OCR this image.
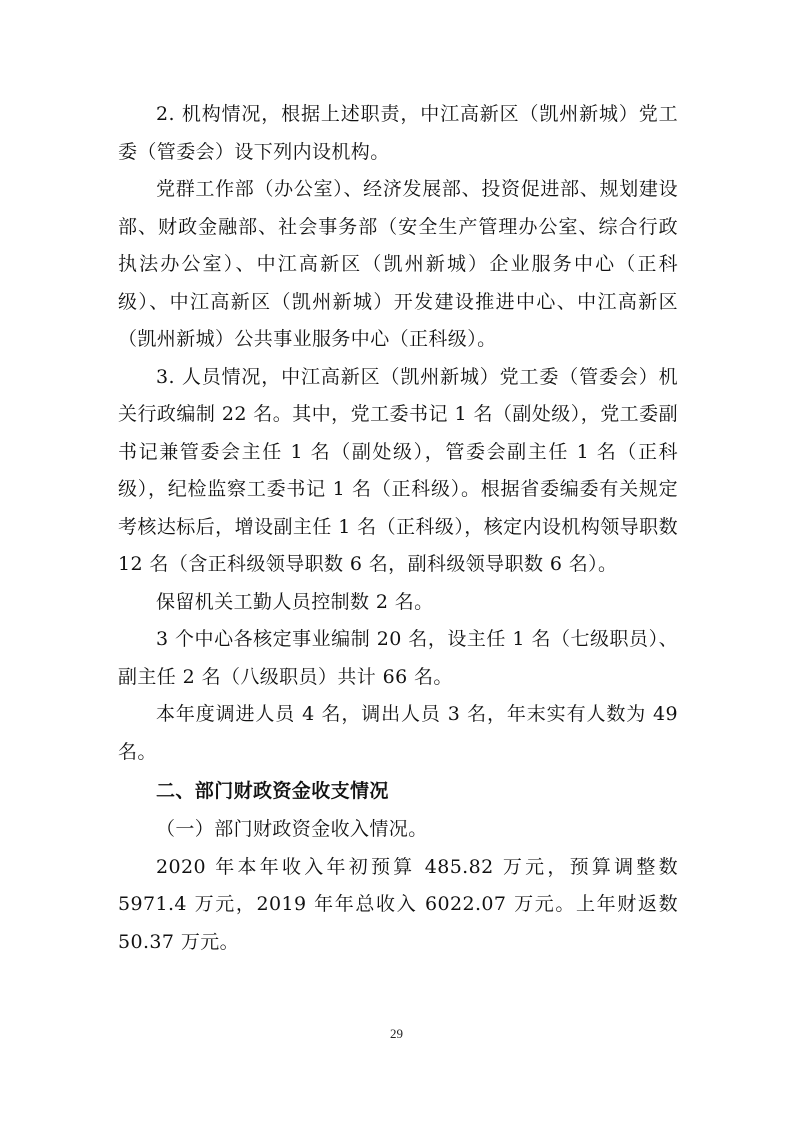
2. 机构情况，根据上述职责，中江高新区（凯州新城）党工委（管委会）设下列内设机构。

党群工作部（办公室）、经济发展部、投资促进部、规划建设部、财政金融部、社会事务部（安全生产管理办公室、综合行政执法办公室）、中江高新区（凯州新城）企业服务中心（正科级）、中江高新区（凯州新城）开发建设推进中心、中江高新区（凯州新城）公共事业服务中心（正科级）。

3. 人员情况，中江高新区（凯州新城）党工委（管委会）机关行政编制 22 名。其中，党工委书记 1 名（副处级），党工委副书记兼管委会主任 1 名（副处级），管委会副主任 1 名（正科级），纪检监察工委书记 1 名（正科级）。根据省委编委有关规定考核达标后，增设副主任 1 名（正科级），核定内设机构领导职数 12 名（含正科级领导职数 6 名，副科级领导职数 6 名）。

保留机关工勤人员控制数 2 名。

3 个中心各核定事业编制 20 名，设主任 1 名（七级职员）、副主任 2 名（八级职员）共计 66 名。

本年度调进人员 4 名，调出人员 3 名，年末实有人数为 49 名。

二、部门财政资金收支情况

（一）部门财政资金收入情况。

2020 年本年收入年初预算 485.82 万元，预算调整数 5971.4 万元，2019 年年总收入 6022.07 万元。上年财返数 50.37 万元。

29
